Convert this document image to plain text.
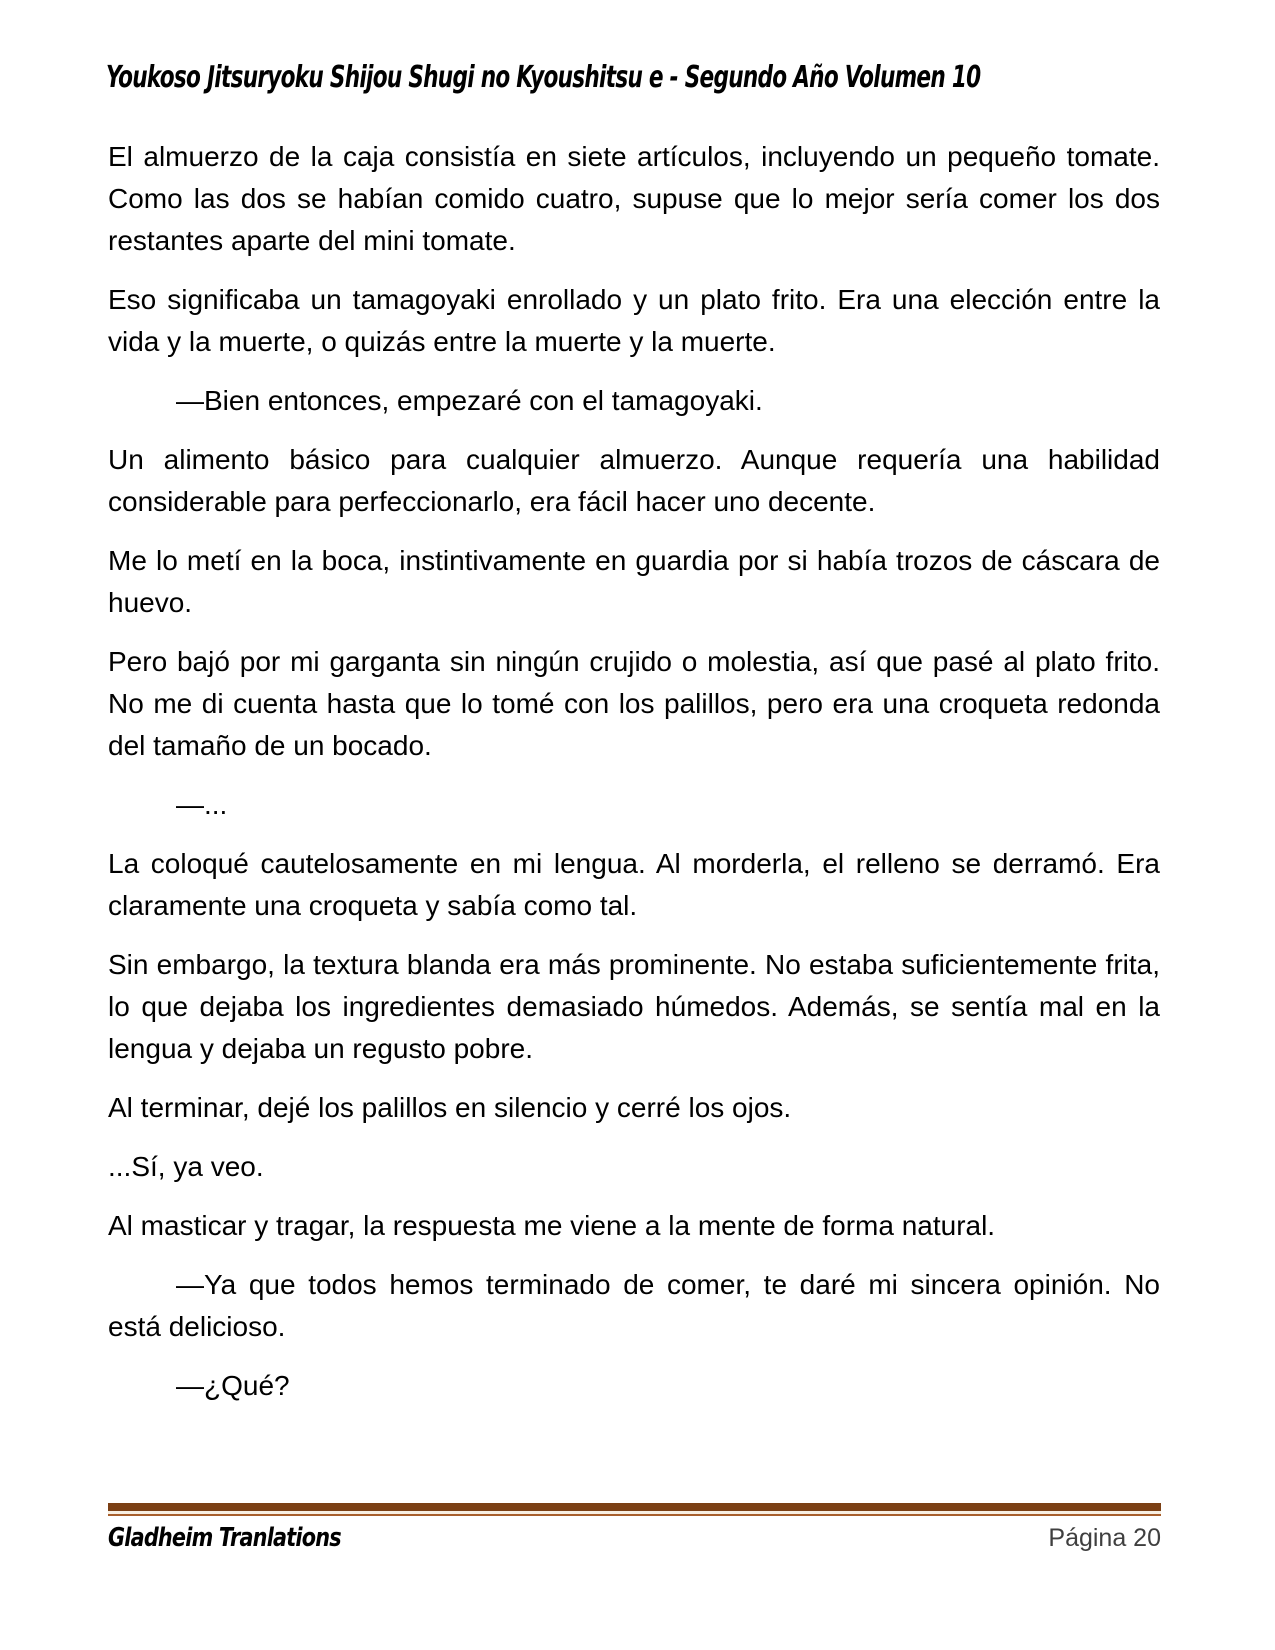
Youkoso Jitsuryoku Shijou Shugi no Kyoushitsu e - Segundo Año Volumen 10

El almuerzo de la caja consistía en siete artículos, incluyendo un pequeño tomate. Como las dos se habían comido cuatro, supuse que lo mejor sería comer los dos restantes aparte del mini tomate.

Eso significaba un tamagoyaki enrollado y un plato frito. Era una elección entre la vida y la muerte, o quizás entre la muerte y la muerte.

—Bien entonces, empezaré con el tamagoyaki.

Un alimento básico para cualquier almuerzo. Aunque requería una habilidad considerable para perfeccionarlo, era fácil hacer uno decente.

Me lo metí en la boca, instintivamente en guardia por si había trozos de cáscara de huevo.

Pero bajó por mi garganta sin ningún crujido o molestia, así que pasé al plato frito. No me di cuenta hasta que lo tomé con los palillos, pero era una croqueta redonda del tamaño de un bocado.

—...

La coloqué cautelosamente en mi lengua. Al morderla, el relleno se derramó. Era claramente una croqueta y sabía como tal.

Sin embargo, la textura blanda era más prominente. No estaba suficientemente frita, lo que dejaba los ingredientes demasiado húmedos. Además, se sentía mal en la lengua y dejaba un regusto pobre.

Al terminar, dejé los palillos en silencio y cerré los ojos.

...Sí, ya veo.

Al masticar y tragar, la respuesta me viene a la mente de forma natural.

—Ya que todos hemos terminado de comer, te daré mi sincera opinión. No está delicioso.

—¿Qué?

Gladheim Tranlations	Página 20
